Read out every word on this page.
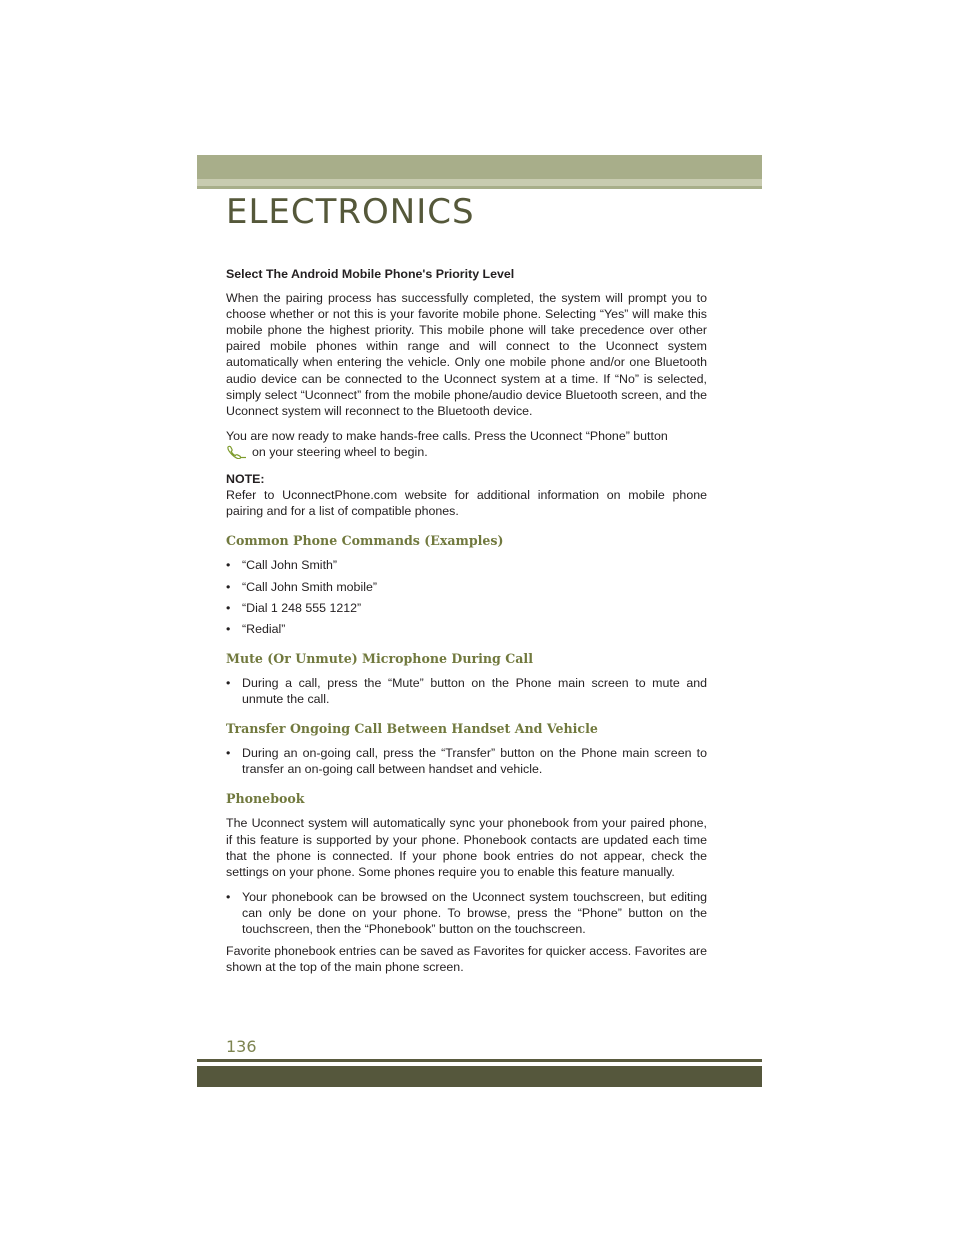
ELECTRONICS
Select The Android Mobile Phone's Priority Level

When the pairing process has successfully completed, the system will prompt you to choose whether or not this is your favorite mobile phone. Selecting “Yes” will make this mobile phone the highest priority. This mobile phone will take precedence over other paired mobile phones within range and will connect to the Uconnect system automatically when entering the vehicle. Only one mobile phone and/or one Bluetooth audio device can be connected to the Uconnect system at a time. If “No” is selected, simply select “Uconnect” from the mobile phone/audio device Bluetooth screen, and the Uconnect system will reconnect to the Bluetooth device.

You are now ready to make hands-free calls. Press the Uconnect “Phone” button
on your steering wheel to begin.

NOTE:

Refer to UconnectPhone.com website for additional information on mobile phone pairing and for a list of compatible phones.

Common Phone Commands (Examples)
• “Call John Smith”
• “Call John Smith mobile”
• “Dial 1 248 555 1212”
• “Redial”
Mute (Or Unmute) Microphone During Call
• During a call, press the “Mute” button on the Phone main screen to mute and unmute the call.
Transfer Ongoing Call Between Handset And Vehicle
• During an on-going call, press the “Transfer” button on the Phone main screen to transfer an on-going call between handset and vehicle.
Phonebook

The Uconnect system will automatically sync your phonebook from your paired phone, if this feature is supported by your phone. Phonebook contacts are updated each time that the phone is connected. If your phone book entries do not appear, check the settings on your phone. Some phones require you to enable this feature manually.

• Your phonebook can be browsed on the Uconnect system touchscreen, but editing can only be done on your phone. To browse, press the “Phone” button on the touchscreen, then the “Phonebook” button on the touchscreen.

Favorite phonebook entries can be saved as Favorites for quicker access. Favorites are shown at the top of the main phone screen.

136
